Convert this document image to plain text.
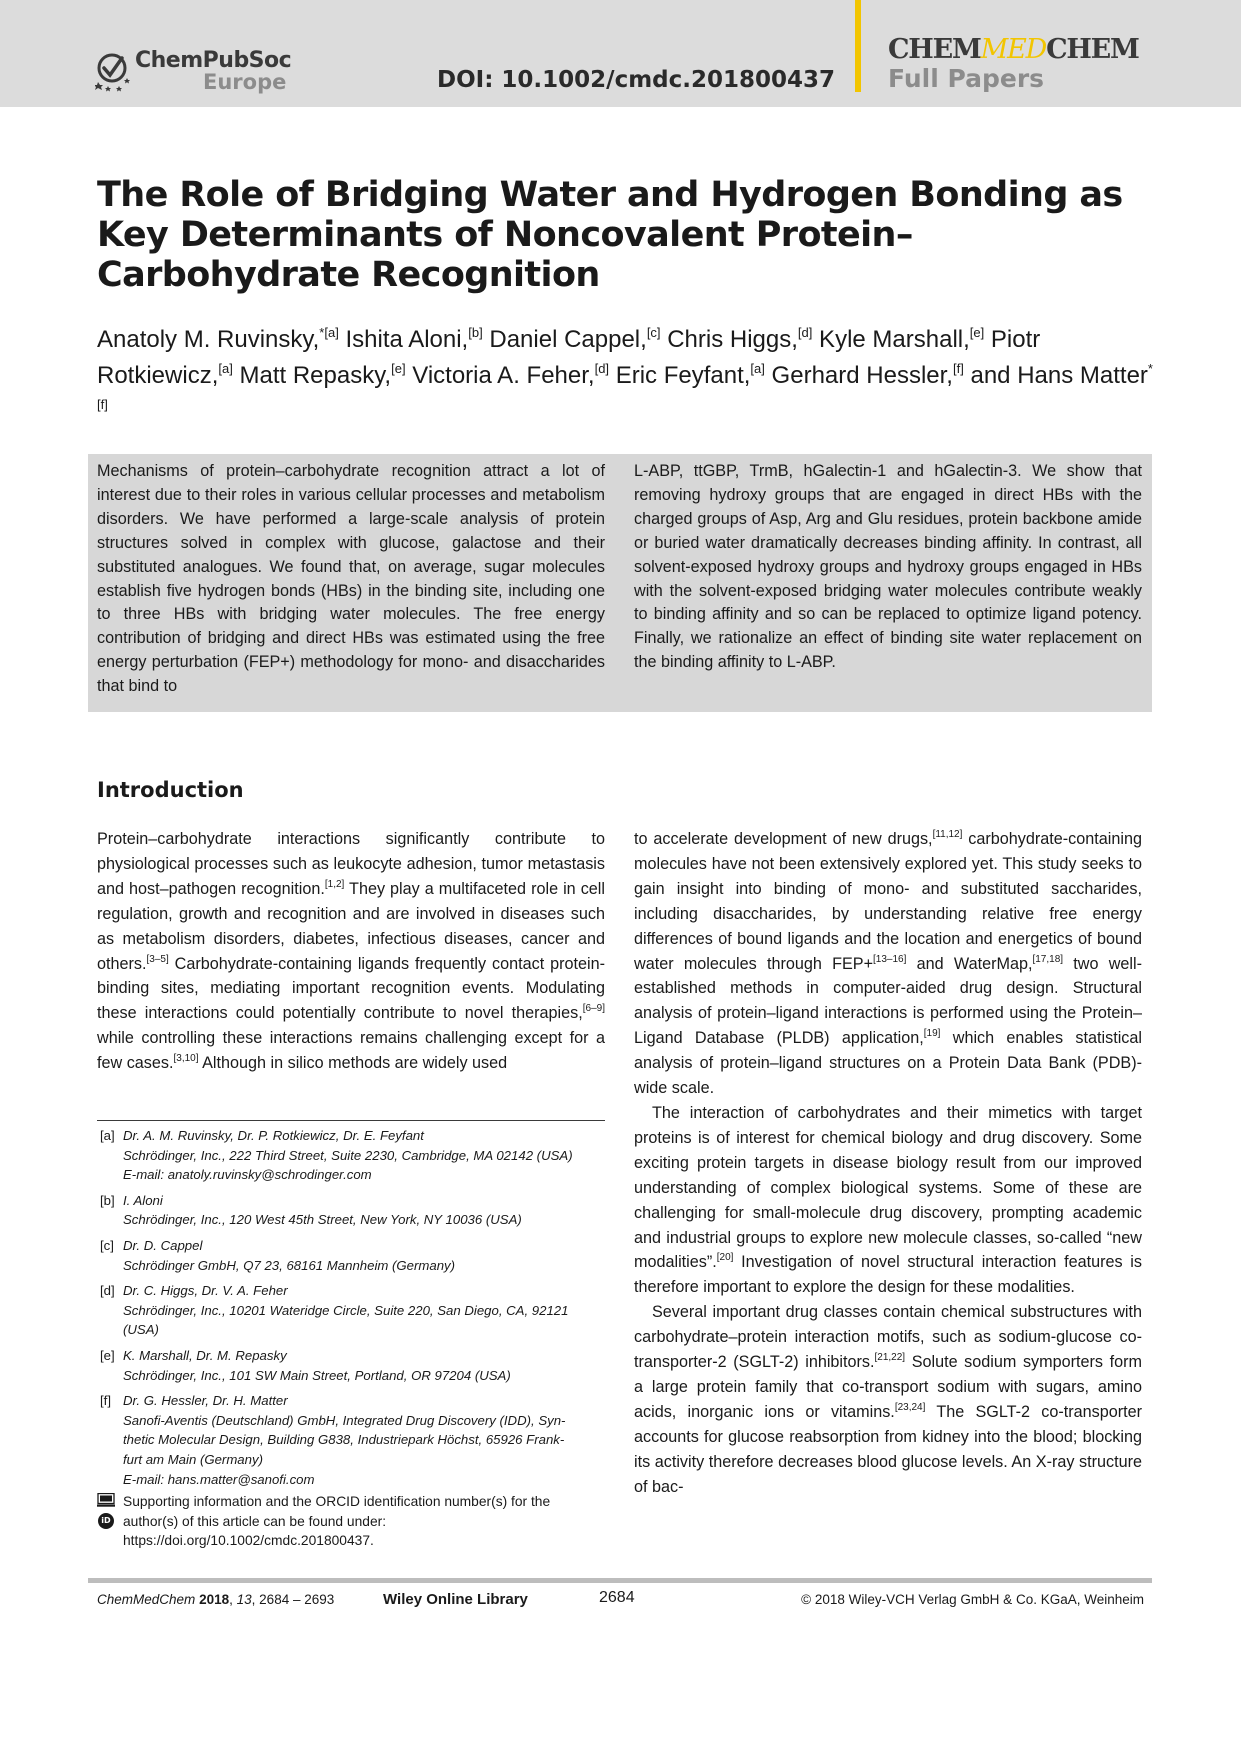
ChemPubSoc
Europe	DOI: 10.1002/cmdc.201800437
CHEMMEDCHEM
Full Papers
The Role of Bridging Water and Hydrogen Bonding as Key Determinants of Noncovalent Protein–Carbohydrate Recognition
Anatoly M. Ruvinsky,$^{*[a]}$ Ishita Aloni,[b] Daniel Cappel,[c] Chris Higgs,[d] Kyle Marshall,[e] Piotr Rotkiewicz,[a] Matt Repasky,[e] Victoria A. Feher,[d] Eric Feyfant,[a] Gerhard Hessler,[f] and Hans Matter$^{*[f]}$
Mechanisms of protein–carbohydrate recognition attract a lot of interest due to their roles in various cellular processes and metabolism disorders. We have performed a large-scale analysis of protein structures solved in complex with glucose, galactose and their substituted analogues. We found that, on average, sugar molecules establish five hydrogen bonds (HBs) in the binding site, including one to three HBs with bridging water molecules. The free energy contribution of bridging and direct HBs was estimated using the free energy perturbation (FEP+) methodology for mono- and disaccharides that bind to
L-ABP, ttGBP, TrmB, hGalectin-1 and hGalectin-3. We show that removing hydroxy groups that are engaged in direct HBs with the charged groups of Asp, Arg and Glu residues, protein backbone amide or buried water dramatically decreases binding affinity. In contrast, all solvent-exposed hydroxy groups and hydroxy groups engaged in HBs with the solvent-exposed bridging water molecules contribute weakly to binding affinity and so can be replaced to optimize ligand potency. Finally, we rationalize an effect of binding site water replacement on the binding affinity to L-ABP.
Introduction

Protein–carbohydrate interactions significantly contribute to physiological processes such as leukocyte adhesion, tumor metastasis and host–pathogen recognition.[1,2] They play a multifaceted role in cell regulation, growth and recognition and are involved in diseases such as metabolism disorders, diabetes, infectious diseases, cancer and others.[3–5] Carbohydrate-containing ligands frequently contact protein-binding sites, mediating important recognition events. Modulating these interactions could potentially contribute to novel therapies,[6–9] while controlling these interactions remains challenging except for a few cases.[3,10] Although in silico methods are widely used

to accelerate development of new drugs,[11,12] carbohydrate-containing molecules have not been extensively explored yet. This study seeks to gain insight into binding of mono- and substituted saccharides, including disaccharides, by understanding relative free energy differences of bound ligands and the location and energetics of bound water molecules through FEP+[13–16] and WaterMap,[17,18] two well-established methods in computer-aided drug design. Structural analysis of protein–ligand interactions is performed using the Protein–Ligand Database (PLDB) application,[19] which enables statistical analysis of protein–ligand structures on a Protein Data Bank (PDB)-wide scale.

The interaction of carbohydrates and their mimetics with target proteins is of interest for chemical biology and drug discovery. Some exciting protein targets in disease biology result from our improved understanding of complex biological systems. Some of these are challenging for small-molecule drug discovery, prompting academic and industrial groups to explore new molecule classes, so-called “new modalities”.[20] Investigation of novel structural interaction features is therefore important to explore the design for these modalities.

Several important drug classes contain chemical substructures with carbohydrate–protein interaction motifs, such as sodium-glucose co-transporter-2 (SGLT-2) inhibitors.[21,22] Solute sodium symporters form a large protein family that co-transport sodium with sugars, amino acids, inorganic ions or vitamins.[23,24] The SGLT-2 co-transporter accounts for glucose reabsorption from kidney into the blood; blocking its activity therefore decreases blood glucose levels. An X-ray structure of bac-

[a] Dr. A. M. Ruvinsky, Dr. P. Rotkiewicz, Dr. E. Feyfant
Schrödinger, Inc., 222 Third Street, Suite 2230, Cambridge, MA 02142 (USA)
E-mail: anatoly.ruvinsky@schrodinger.com
[b] I. Aloni
Schrödinger, Inc., 120 West 45th Street, New York, NY 10036 (USA)
[c] Dr. D. Cappel
Schrödinger GmbH, Q7 23, 68161 Mannheim (Germany)
[d] Dr. C. Higgs, Dr. V. A. Feher
Schrödinger, Inc., 10201 Wateridge Circle, Suite 220, San Diego, CA, 92121
(USA)
[e] K. Marshall, Dr. M. Repasky
Schrödinger, Inc., 101 SW Main Street, Portland, OR 97204 (USA)
[f] Dr. G. Hessler, Dr. H. Matter
Sanofi-Aventis (Deutschland) GmbH, Integrated Drug Discovery (IDD), Syn-
thetic Molecular Design, Building G838, Industriepark Höchst, 65926 Frank-
furt am Main (Germany)
E-mail: hans.matter@sanofi.com
iD
Supporting information and the ORCID identification number(s) for the
author(s) of this article can be found under:
https://doi.org/10.1002/cmdc.201800437.
ChemMedChem 2018, 13, 2684 – 2693	Wiley Online Library	2684	© 2018 Wiley-VCH Verlag GmbH & Co. KGaA, Weinheim
